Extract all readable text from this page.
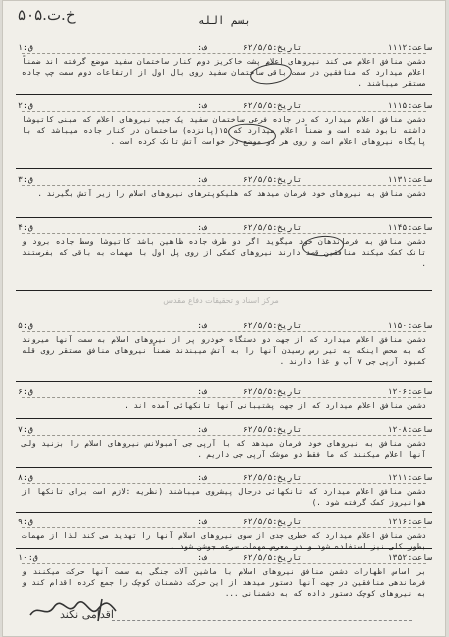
خ.ت.۵۰۵	بسم الله
مرکز اسناد و تحقیقات دفاع مقدس
ساعت:۱۱۱۲
تاریخ:۶۲/۵/۵
ف:
ق:۱
دشمن منافق اعلام می کند نیروهای اعلام پشت خاکریز دوم کنار ساختمان سفید موضع گرفته اند ضمناً اعلام میدارد که منافقین در سمت باقی ساختمان سفید روی بال اول از ارتفاعات دوم سمت چپ جاده مستقر میباشند .
ساعت:۱۱۱۵
تاریخ:۶۲/۵/۵
ف:
ق:۲
دشمن منافق اعلام میدارد که در جاده فرعی ساختمان سفید یک جیپ نیروهای اعلام که مبنی کاتیوشا داشته نابود شده است و ضمناً اعلام میدارد که ۱۵(پانزده) ساختمان در کنار جاده میباشد که با پایگاه نیروهای اعلام است و روی هر دو موضع در خواست آتش تانک کرده است .
ساعت:۱۱۳۱
تاریخ:۶۲/۵/۵
ف:
ق:۳
دشمن منافق به نیروهای خود فرمان میدهد که هلیکوپترهای نیروهای اسلام را زیر آتش بگیرند .
ساعت:۱۱۴۵
تاریخ:۶۲/۵/۵
ف:
ق:۴
دشمن منافق به فرماندهان خود میگوید اگر دو طرف جاده ظاهین باشد کاتیوشا وسط جاده برود و تانک کمک میکند منافقین قصد دارند نیروهای کمکی از روی پل اول با مهمات به باقی که بفرستند .
ساعت:۱۱۵۰
تاریخ:۶۲/۵/۵
ف:
ق:۵
دشمن منافق اعلام میدارد که از جهت دو دستگاه خودرو پر از نیروهای اسلام به سمت آنها میروند که به محض اینکه به تیر رس رسیدن آنها را به آتش میبندند ضمناً نیروهای منافق مستقر روی قله کمبود آرپی جی ۷ آب و غذا دارند .
ساعت:۱۲۰۶
تاریخ:۶۲/۵/۵
ف:
ق:۶
دشمن منافق اعلام میدارد که از جهت پشتیبانی آنها تانکهائی آمده اند .
ساعت:۱۲۰۸
تاریخ:۶۲/۵/۵
ف:
ق:۷
دشمن منافق به نیروهای خود فرمان میدهد که با آرپی جی آمبولانس نیروهای اسلام را بزنید ولی آنها اعلام میکنند که ما فقط دو موشک آرپی جی داریم .
ساعت:۱۲۱۱
تاریخ:۶۲/۵/۵
ف:
ق:۸
دشمن منافق اعلام میدارد که تانکهائی درحال پیشروی میباشند (نظریه :لازم است برای تانکها از هوانیروز کمک گرفته شود .)
ساعت:۱۲۱۶
تاریخ:۶۲/۵/۵
ف:
ق:۹
دشمن منافق اعلام میدارد که خطری جدی از سوی نیروهای اسلام آنها را تهدید می کند لذا از مهمات بطور کلی نیز استفاده شود و در معرض مهمات سرعه جوشن شود .
ساعت:۱۳۵۲
تاریخ:۶۲/۵/۵
ف:
ق:۱۰
بر اساس اظهارات دشمن منافق نیروهای اسلام با ماشین آلات جنگی به سمت آنها حرکت میکنند و فرماندهی منافقین در جهت آنها دستور میدهد از این حرکت دشمنان کوچک را جمع کرده اقدام کند و به نیروهای کوچک دستور داده که به دشمنانی ...
اقدامی نکند
